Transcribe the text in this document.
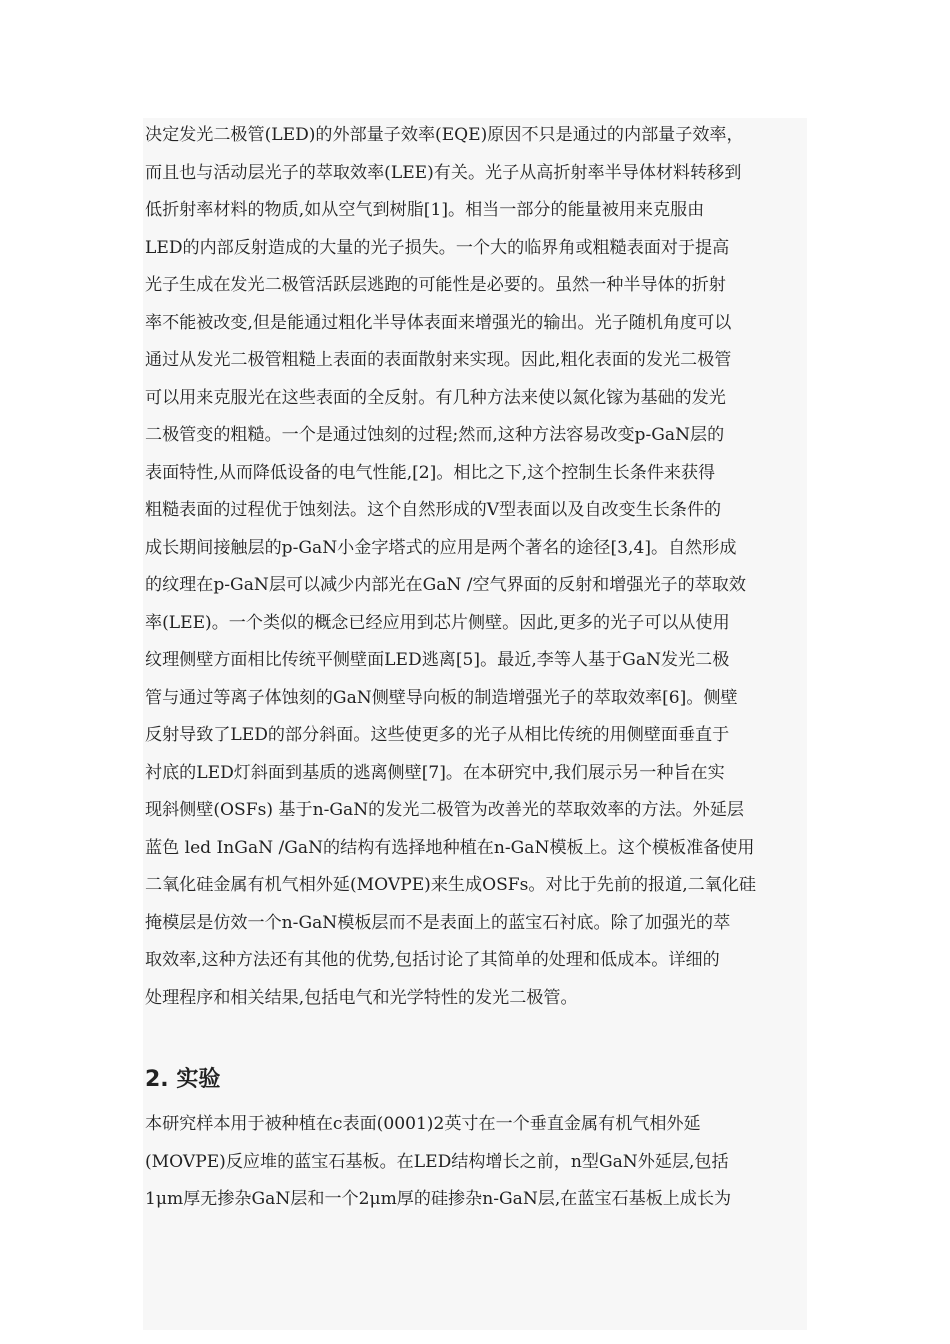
决定发光二极管(LED)的外部量子效率(EQE)原因不只是通过的内部量子效率，
而且也与活动层光子的萃取效率(LEE)有关。光子从高折射率半导体材料转移到
低折射率材料的物质,如从空气到树脂[1]。相当一部分的能量被用来克服由
LED的内部反射造成的大量的光子损失。一个大的临界角或粗糙表面对于提高
光子生成在发光二极管活跃层逃跑的可能性是必要的。虽然一种半导体的折射
率不能被改变,但是能通过粗化半导体表面来增强光的输出。光子随机角度可以
通过从发光二极管粗糙上表面的表面散射来实现。因此,粗化表面的发光二极管
可以用来克服光在这些表面的全反射。有几种方法来使以氮化镓为基础的发光
二极管变的粗糙。一个是通过蚀刻的过程;然而,这种方法容易改变p-GaN层的
表面特性,从而降低设备的电气性能,[2]。相比之下,这个控制生长条件来获得
粗糙表面的过程优于蚀刻法。这个自然形成的V型表面以及自改变生长条件的
成长期间接触层的p-GaN小金字塔式的应用是两个著名的途径[3,4]。自然形成
的纹理在p-GaN层可以减少内部光在GaN /空气界面的反射和增强光子的萃取效
率(LEE)。一个类似的概念已经应用到芯片侧壁。因此,更多的光子可以从使用
纹理侧壁方面相比传统平侧壁面LED逃离[5]。最近,李等人基于GaN发光二极
管与通过等离子体蚀刻的GaN侧壁导向板的制造增强光子的萃取效率[6]。侧壁
反射导致了LED的部分斜面。这些使更多的光子从相比传统的用侧壁面垂直于
衬底的LED灯斜面到基质的逃离侧壁[7]。在本研究中,我们展示另一种旨在实
现斜侧壁(OSFs) 基于n-GaN的发光二极管为改善光的萃取效率的方法。外延层
蓝色 led InGaN /GaN的结构有选择地种植在n-GaN模板上。这个模板准备使用
二氧化硅金属有机气相外延(MOVPE)来生成OSFs。对比于先前的报道,二氧化硅
掩模层是仿效一个n-GaN模板层而不是表面上的蓝宝石衬底。除了加强光的萃
取效率,这种方法还有其他的优势,包括讨论了其简单的处理和低成本。详细的
处理程序和相关结果,包括电气和光学特性的发光二极管。
2. 实验
本研究样本用于被种植在c表面(0001)2英寸在一个垂直金属有机气相外延
(MOVPE)反应堆的蓝宝石基板。在LED结构增长之前，n型GaN外延层,包括
1μm厚无掺杂GaN层和一个2μm厚的硅掺杂n-GaN层,在蓝宝石基板上成长为
